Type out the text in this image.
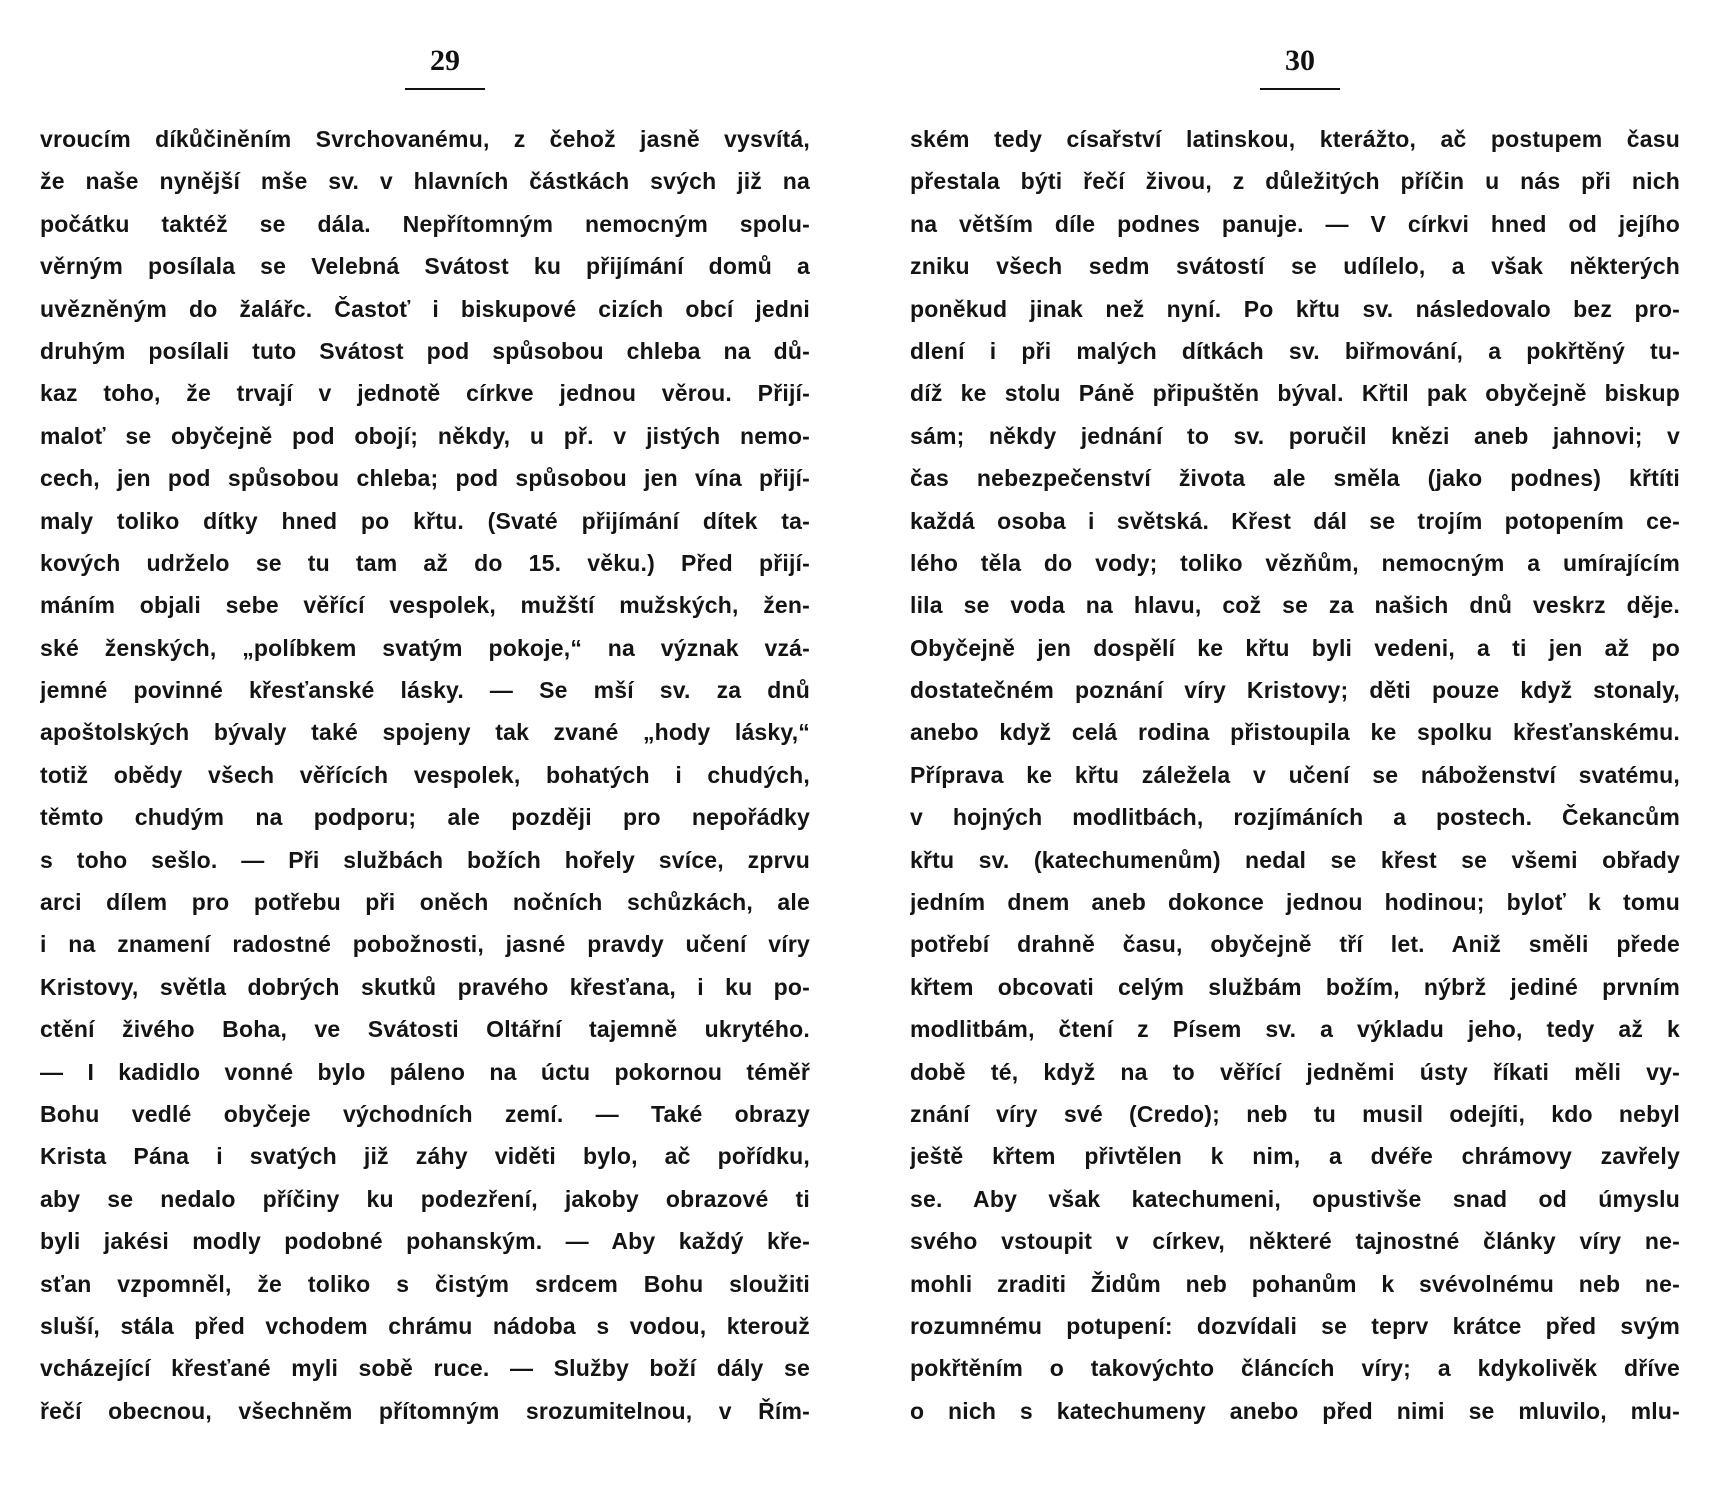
29
vroucím díkůčiněním Svrchovanému, z čehož jasně vysvítá,
že naše nynější mše sv. v hlavních částkách svých již na
počátku taktéž se dála. Nepřítomným nemocným spolu-
věrným posílala se Velebná Svátost ku přijímání domů a
uvězněným do žalářc. Častoť i biskupové cizích obcí jedni
druhým posílali tuto Svátost pod spůsobou chleba na dů-
kaz toho, že trvají v jednotě církve jednou věrou. Přijí-
maloť se obyčejně pod obojí; někdy, u př. v jistých nemo-
cech, jen pod spůsobou chleba; pod spůsobou jen vína přijí-
maly toliko dítky hned po křtu. (Svaté přijímání dítek ta-
kových udrželo se tu tam až do 15. věku.) Před přijí-
máním objali sebe věřící vespolek, mužští mužských, žen-
ské ženských, „políbkem svatým pokoje,“ na význak vzá-
jemné povinné křesťanské lásky. — Se mší sv. za dnů
apoštolských bývaly také spojeny tak zvané „hody lásky,“
totiž obědy všech věřících vespolek, bohatých i chudých,
těmto chudým na podporu; ale později pro nepořádky
s toho sešlo. — Při službách božích hořely svíce, zprvu
arci dílem pro potřebu při oněch nočních schůzkách, ale
i na znamení radostné pobožnosti, jasné pravdy učení víry
Kristovy, světla dobrých skutků pravého křesťana, i ku po-
ctění živého Boha, ve Svátosti Oltářní tajemně ukrytého.
— I kadidlo vonné bylo páleno na úctu pokornou téměř
Bohu vedlé obyčeje východních zemí. — Také obrazy
Krista Pána i svatých již záhy viděti bylo, ač pořídku,
aby se nedalo příčiny ku podezření, jakoby obrazové ti
byli jakési modly podobné pohanským. — Aby každý kře-
sťan vzpomněl, že toliko s čistým srdcem Bohu sloužiti
sluší, stála před vchodem chrámu nádoba s vodou, kterouž
vcházející křesťané myli sobě ruce. — Služby boží dály se
řečí obecnou, všechněm přítomným srozumitelnou, v Řím-
30
ském tedy císařství latinskou, kterážto, ač postupem času
přestala býti řečí živou, z důležitých příčin u nás při nich
na větším díle podnes panuje. — V církvi hned od jejího
zniku všech sedm svátostí se udílelo, a však některých
poněkud jinak než nyní. Po křtu sv. následovalo bez pro-
dlení i při malých dítkách sv. biřmování, a pokřtěný tu-
díž ke stolu Páně připuštěn býval. Křtil pak obyčejně biskup
sám; někdy jednání to sv. poručil knězi aneb jahnovi; v
čas nebezpečenství života ale směla (jako podnes) křtíti
každá osoba i světská. Křest dál se trojím potopením ce-
lého těla do vody; toliko vězňům, nemocným a umírajícím
lila se voda na hlavu, což se za našich dnů veskrz děje.
Obyčejně jen dospělí ke křtu byli vedeni, a ti jen až po
dostatečném poznání víry Kristovy; děti pouze když stonaly,
anebo když celá rodina přistoupila ke spolku křesťanskému.
Příprava ke křtu záležela v učení se náboženství svatému,
v hojných modlitbách, rozjímáních a postech. Čekancům
křtu sv. (katechumenům) nedal se křest se všemi obřady
jedním dnem aneb dokonce jednou hodinou; byloť k tomu
potřebí drahně času, obyčejně tří let. Aniž směli přede
křtem obcovati celým službám božím, nýbrž jediné prvním
modlitbám, čtení z Písem sv. a výkladu jeho, tedy až k
době té, když na to věřící jedněmi ústy říkati měli vy-
znání víry své (Credo); neb tu musil odejíti, kdo nebyl
ještě křtem přivtělen k nim, a dvéře chrámovy zavřely
se. Aby však katechumeni, opustivše snad od úmyslu
svého vstoupit v církev, některé tajnostné články víry ne-
mohli zraditi Židům neb pohanům k svévolnému neb ne-
rozumnému potupení: dozvídali se teprv krátce před svým
pokřtěním o takovýchto článcích víry; a kdykolivěk dříve
o nich s katechumeny anebo před nimi se mluvilo, mlu-
